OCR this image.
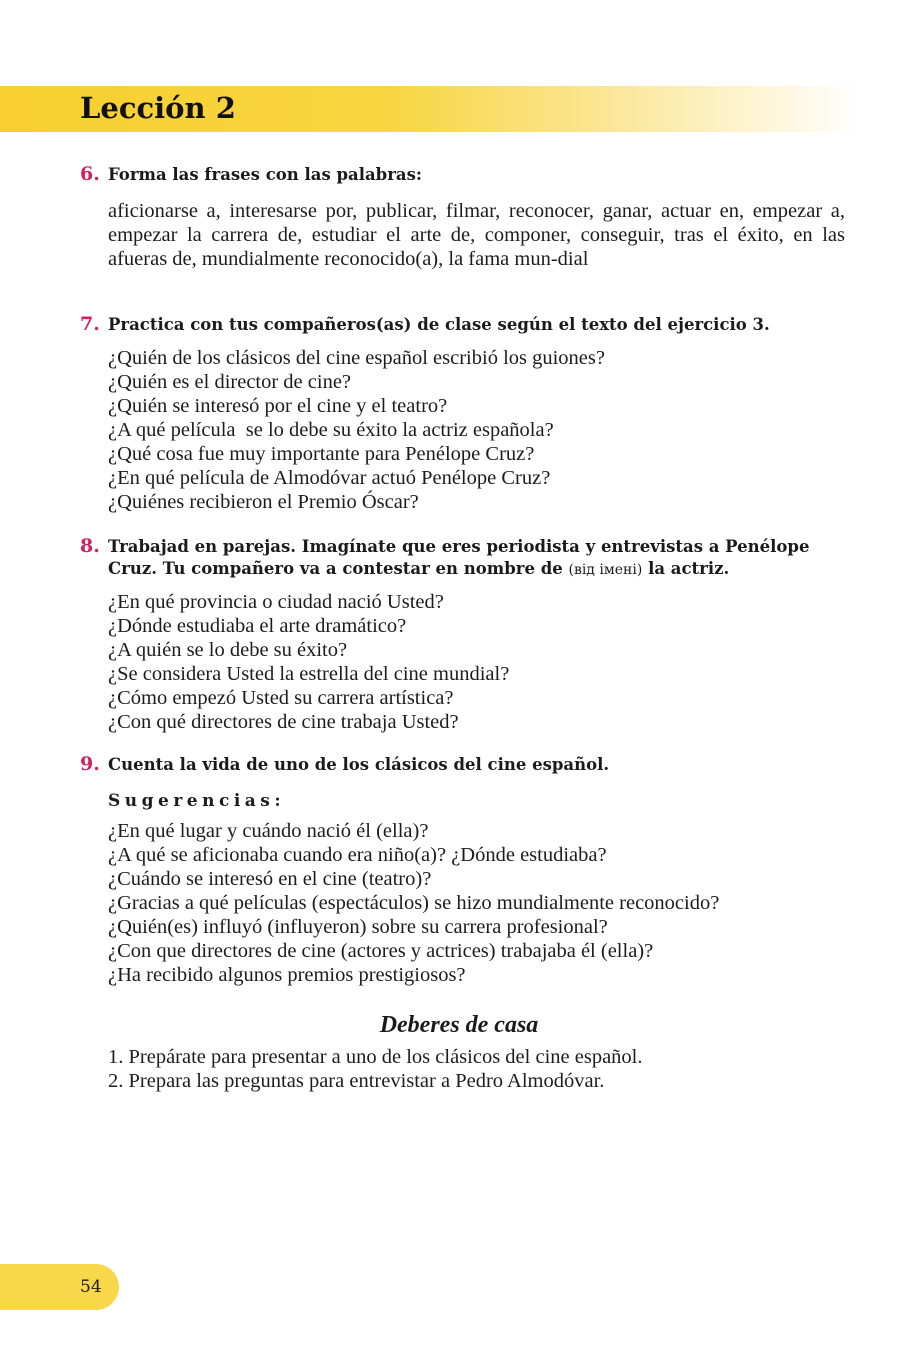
Lección 2
6. Forma las frases con las palabras:
aficionarse a, interesarse por, publicar, filmar, reconocer, ganar, actuar en, empezar a, empezar la carrera de, estudiar el arte de, componer, conseguir, tras el éxito, en las afueras de, mundialmente reconocido(a), la fama mun-dial
7. Practica con tus compañeros(as) de clase según el texto del ejercicio 3.
¿Quién de los clásicos del cine español escribió los guiones?
¿Quién es el director de cine?
¿Quién se interesó por el cine y el teatro?
¿A qué película  se lo debe su éxito la actriz española?
¿Qué cosa fue muy importante para Penélope Cruz?
¿En qué película de Almodóvar actuó Penélope Cruz?
¿Quiénes recibieron el Premio Óscar?
8. Trabajad en parejas. Imagínate que eres periodista y entrevistas a Penélope
Cruz. Tu compañero va a contestar en nombre de (від імені) la actriz.
¿En qué provincia o ciudad nació Usted?
¿Dónde estudiaba el arte dramático?
¿A quién se lo debe su éxito?
¿Se considera Usted la estrella del cine mundial?
¿Cómo empezó Usted su carrera artística?
¿Con qué directores de cine trabaja Usted?
9. Cuenta la vida de uno de los clásicos del cine español.
Sugerencias:
¿En qué lugar y cuándo nació él (ella)?
¿A qué se aficionaba cuando era niño(a)? ¿Dónde estudiaba?
¿Cuándo se interesó en el cine (teatro)?
¿Gracias a qué películas (espectáculos) se hizo mundialmente reconocido?
¿Quién(es) influyó (influyeron) sobre su carrera profesional?
¿Con que directores de cine (actores y actrices) trabajaba él (ella)?
¿Ha recibido algunos premios prestigiosos?
Deberes de casa
1. Prepárate para presentar a uno de los clásicos del cine español.
2. Prepara las preguntas para entrevistar a Pedro Almodóvar.
54
